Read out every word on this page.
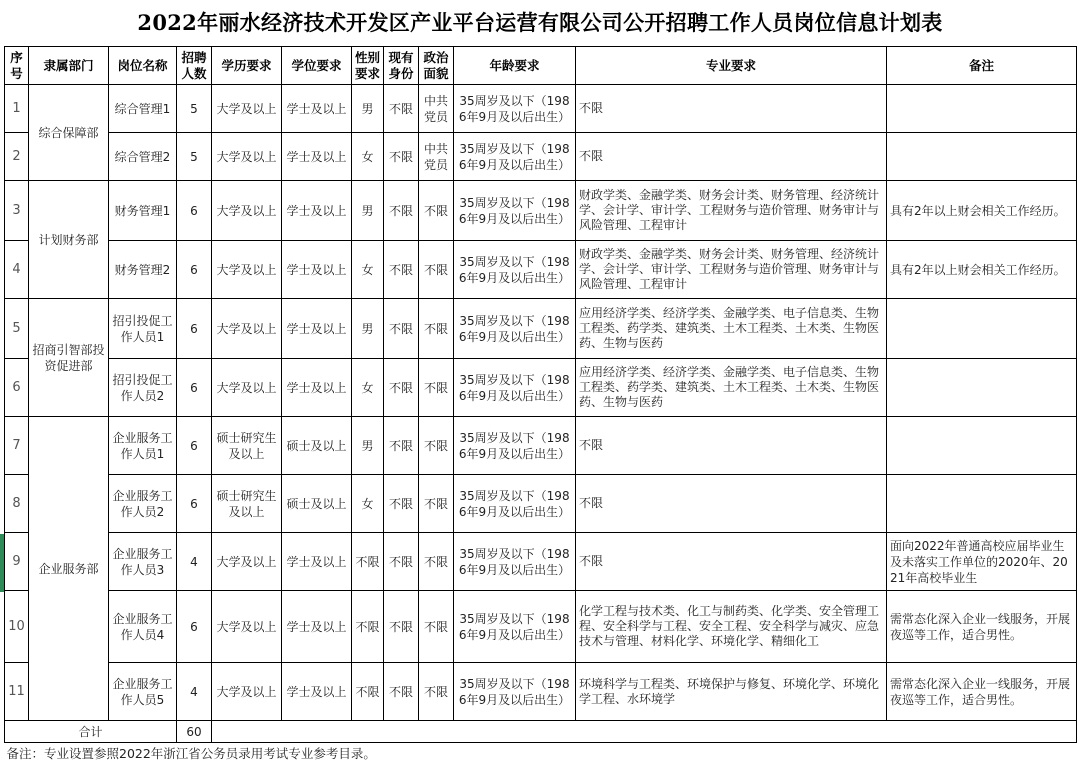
2022年丽水经济技术开发区产业平台运营有限公司公开招聘工作人员岗位信息计划表
序号	隶属部门	岗位名称	招聘人数	学历要求	学位要求	性别要求	现有身份	政治面貌	年龄要求	专业要求	备注
1	综合保障部	综合管理1	5	大学及以上	学士及以上	男	不限	中共党员	35周岁及以下（1986年9月及以后出生）	不限	
2		综合管理2	5	大学及以上	学士及以上	女	不限	中共党员	35周岁及以下（1986年9月及以后出生）	不限	
3	计划财务部	财务管理1	6	大学及以上	学士及以上	男	不限	不限	35周岁及以下（1986年9月及以后出生）	财政学类、金融学类、财务会计类、财务管理、经济统计学、会计学、审计学、工程财务与造价管理、财务审计与风险管理、工程审计	具有2年以上财会相关工作经历。
4		财务管理2	6	大学及以上	学士及以上	女	不限	不限	35周岁及以下（1986年9月及以后出生）	财政学类、金融学类、财务会计类、财务管理、经济统计学、会计学、审计学、工程财务与造价管理、财务审计与风险管理、工程审计	具有2年以上财会相关工作经历。
5	招商引智部投资促进部	招引投促工作人员1	6	大学及以上	学士及以上	男	不限	不限	35周岁及以下（1986年9月及以后出生）	应用经济学类、经济学类、金融学类、电子信息类、生物工程类、药学类、建筑类、土木工程类、土木类、生物医药、生物与医药	
6		招引投促工作人员2	6	大学及以上	学士及以上	女	不限	不限	35周岁及以下（1986年9月及以后出生）	应用经济学类、经济学类、金融学类、电子信息类、生物工程类、药学类、建筑类、土木工程类、土木类、生物医药、生物与医药	
7	企业服务部	企业服务工作人员1	6	硕士研究生及以上	硕士及以上	男	不限	不限	35周岁及以下（1986年9月及以后出生）	不限	
8		企业服务工作人员2	6	硕士研究生及以上	硕士及以上	女	不限	不限	35周岁及以下（1986年9月及以后出生）	不限	
9		企业服务工作人员3	4	大学及以上	学士及以上	不限	不限	不限	35周岁及以下（1986年9月及以后出生）	不限	面向2022年普通高校应届毕业生及未落实工作单位的2020年、2021年高校毕业生
10		企业服务工作人员4	6	大学及以上	学士及以上	不限	不限	不限	35周岁及以下（1986年9月及以后出生）	化学工程与技术类、化工与制药类、化学类、安全管理工程、安全科学与工程、安全工程、安全科学与减灾、应急技术与管理、材料化学、环境化学、精细化工	需常态化深入企业一线服务，开展夜巡等工作，适合男性。
11		企业服务工作人员5	4	大学及以上	学士及以上	不限	不限	不限	35周岁及以下（1986年9月及以后出生）	环境科学与工程类、环境保护与修复、环境化学、环境化学工程、水环境学	需常态化深入企业一线服务，开展夜巡等工作，适合男性。
合计			60								
备注：专业设置参照2022年浙江省公务员录用考试专业参考目录。											
